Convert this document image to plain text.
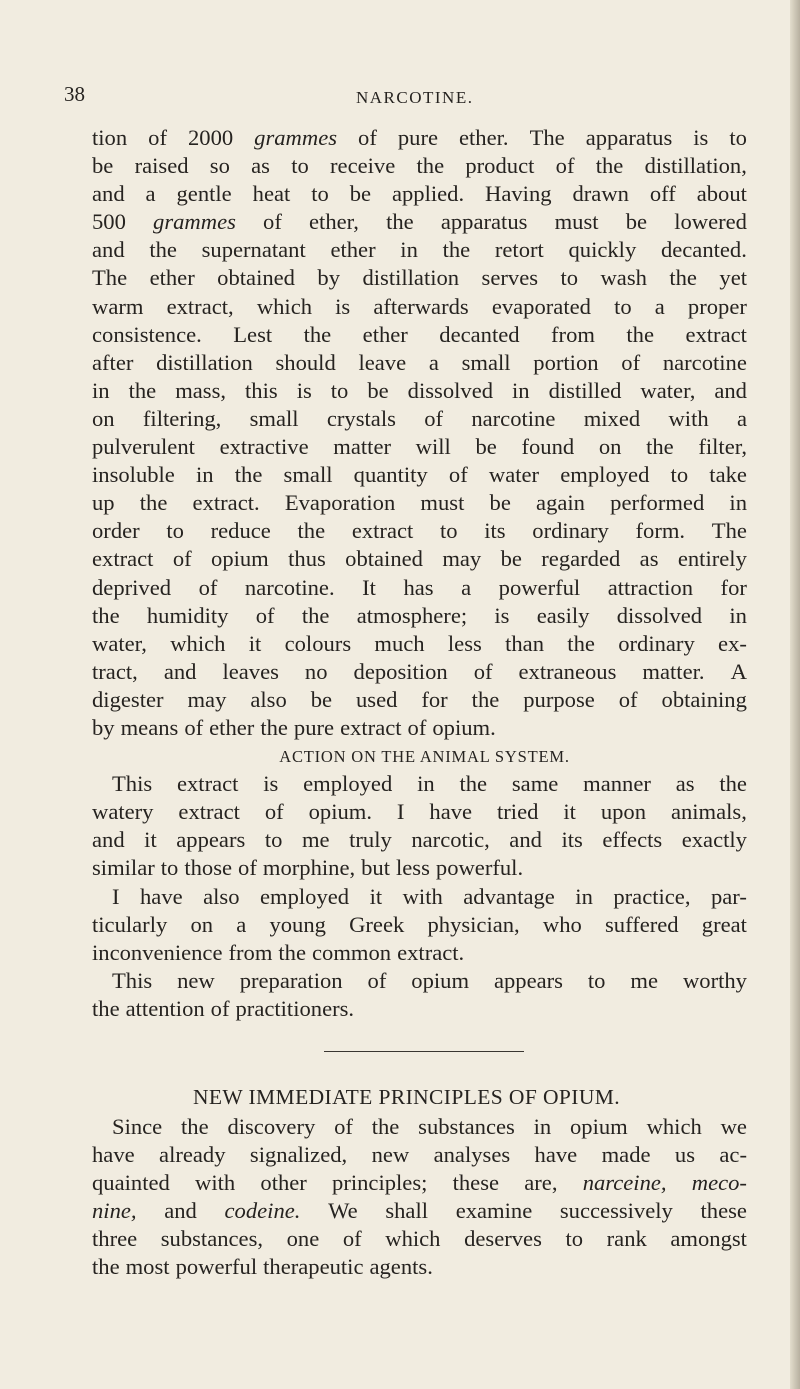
38	NARCOTINE.
tion of 2000 grammes of pure ether. The apparatus is to
be raised so as to receive the product of the distillation,
and a gentle heat to be applied. Having drawn off about
500 grammes of ether, the apparatus must be lowered
and the supernatant ether in the retort quickly decanted.
The ether obtained by distillation serves to wash the yet
warm extract, which is afterwards evaporated to a proper
consistence. Lest the ether decanted from the extract
after distillation should leave a small portion of narcotine
in the mass, this is to be dissolved in distilled water, and
on filtering, small crystals of narcotine mixed with a
pulverulent extractive matter will be found on the filter,
insoluble in the small quantity of water employed to take
up the extract. Evaporation must be again performed in
order to reduce the extract to its ordinary form. The
extract of opium thus obtained may be regarded as entirely
deprived of narcotine. It has a powerful attraction for
the humidity of the atmosphere; is easily dissolved in
water, which it colours much less than the ordinary ex-
tract, and leaves no deposition of extraneous matter. A
digester may also be used for the purpose of obtaining
by means of ether the pure extract of opium.
ACTION ON THE ANIMAL SYSTEM.
This extract is employed in the same manner as the
watery extract of opium. I have tried it upon animals,
and it appears to me truly narcotic, and its effects exactly
similar to those of morphine, but less powerful.
I have also employed it with advantage in practice, par-
ticularly on a young Greek physician, who suffered great
inconvenience from the common extract.
This new preparation of opium appears to me worthy
the attention of practitioners.
NEW IMMEDIATE PRINCIPLES OF OPIUM.
Since the discovery of the substances in opium which we
have already signalized, new analyses have made us ac-
quainted with other principles; these are, narceine, meco-
nine, and codeine. We shall examine successively these
three substances, one of which deserves to rank amongst
the most powerful therapeutic agents.
